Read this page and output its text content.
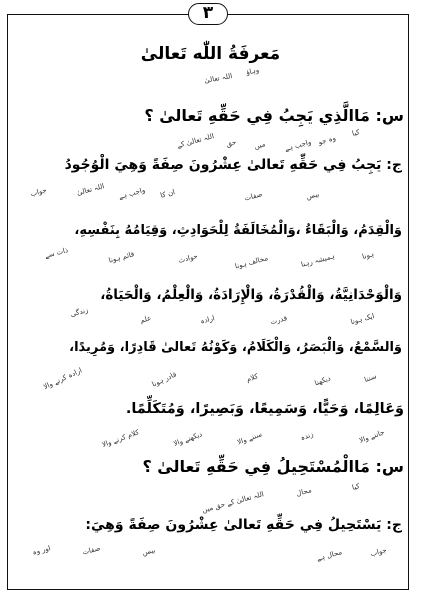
٣
مَعرفَةُ اللّٰه تَعالىٰ
س: مَاالَّذِي يَجِبُ فِي حَقِّهِ تَعالىٰ ؟
ج: يَجِبُ فِي حَقِّهِ تَعالىٰ عِشْرُونَ صِفَةً وَهِيَ الْوُجُودُ
وَالْقِدَمُ، وَالْبَقَاءُ ،وَالْمُخَالَفَةُ لِلْحَوَادِثِ، وَقِيَامُهُ بِنَفْسِهِ،
وَالْوَحْدَانِيَّةُ، وَالْقُدْرَةُ، وَالْإِرَادَةُ، وَالْعِلْمُ، وَالْحَيَاةُ،
وَالسَّمْعُ، وَالْبَصَرُ، وَالْكَلَامُ، وَكَوْنُهُ تَعالىٰ قَادِرًا، وَمُرِيدًا،
وَعَالِمًا، وَحَيًّا، وَسَمِيعًا، وَبَصِيرًا، وَمُتَكَلِّمًا.
س: مَاالْمُسْتَحِيلُ فِي حَقِّهِ تَعالىٰ ؟
ج: يَسْتَحِيلُ فِي حَقِّهِ تَعالىٰ عِشْرُونَ صِفَةً وَهِيَ:
وہاؤ
اللہ تعالیٰ
کیا
وہ جو
واجب ہے
میں
حق
اللہ تعالیٰ کے
بیس
صفات
ان کا
واجب ہے
اللہ تعالیٰ
جواب
ہونا
ہمیشہ رہنا
مخالف ہونا
حوادث
قائم ہونا
ذات سے
ایک ہونا
قدرت
ارادہ
علم
زندگی
سننا
دیکھنا
کلام
قادر ہونا
ارادہ کرنے والا
جاننے والا
زندہ
سننے والا
دیکھنے والا
کلام کرنے والا
کیا
محال
اللہ تعالیٰ کے حق میں
جواب
محال ہے
بیس
صفات
اور وہ
